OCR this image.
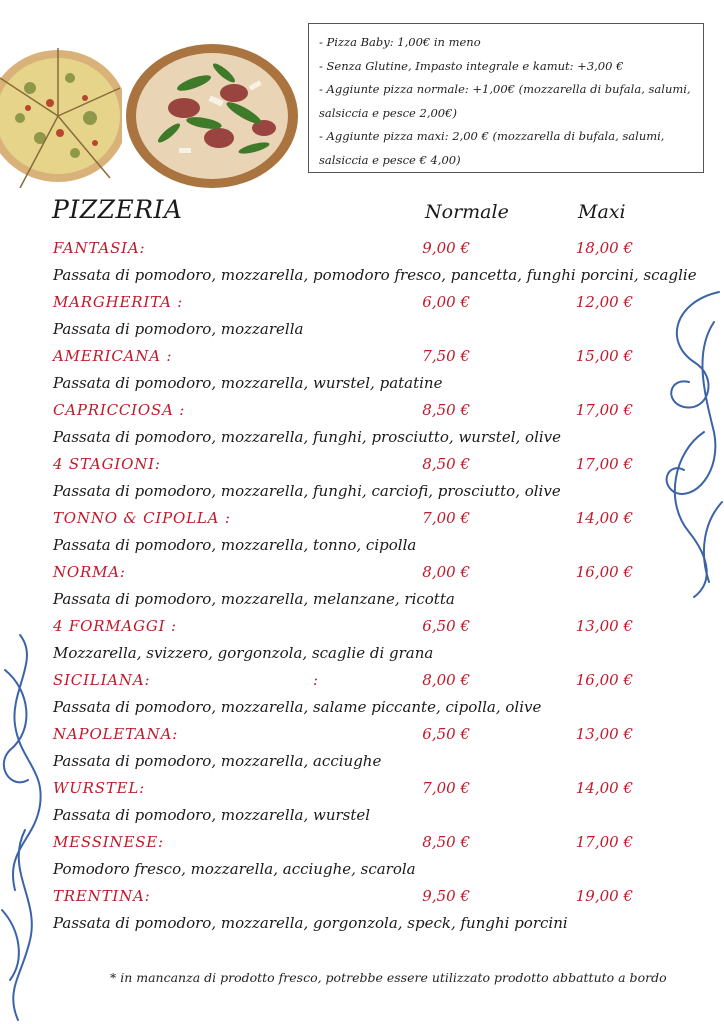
- Pizza Baby: 1,00€ in meno
- Senza Glutine, Impasto integrale e kamut: +3,00 €
- Aggiunte pizza normale: +1,00€ (mozzarella di bufala, salumi, salsiccia e pesce 2,00€)
- Aggiunte pizza maxi: 2,00 € (mozzarella di bufala, salumi, salsiccia e pesce € 4,00)
PIZZERIA	Normale	Maxi
FANTASIA:	9,00 €	18,00 €
Passata di pomodoro, mozzarella, pomodoro fresco, pancetta, funghi porcini, scaglie
MARGHERITA :	6,00 €	12,00 €
Passata di pomodoro, mozzarella
AMERICANA :	7,50 €	15,00 €
Passata di pomodoro, mozzarella, wurstel, patatine
CAPRICCIOSA :	8,50 €	17,00 €
Passata di pomodoro, mozzarella, funghi, prosciutto, wurstel, olive
4 STAGIONI:	8,50 €	17,00 €
Passata di pomodoro, mozzarella, funghi, carciofi, prosciutto, olive
TONNO & CIPOLLA :	7,00 €	14,00 €
Passata di pomodoro, mozzarella, tonno, cipolla
NORMA:	8,00 €	16,00 €
Passata di pomodoro, mozzarella, melanzane, ricotta
4 FORMAGGI :	6,50 €	13,00 €
Mozzarella, svizzero, gorgonzola, scaglie di grana
SICILIANA:	:	8,00 €	16,00 €
Passata di pomodoro, mozzarella, salame piccante, cipolla, olive
NAPOLETANA:	6,50 €	13,00 €
Passata di pomodoro, mozzarella, acciughe
WURSTEL:	7,00 €	14,00 €
Passata di pomodoro, mozzarella, wurstel
MESSINESE:	8,50 €	17,00 €
Pomodoro fresco, mozzarella, acciughe, scarola
TRENTINA:	9,50 €	19,00 €
Passata di pomodoro, mozzarella, gorgonzola, speck, funghi porcini
* in mancanza di prodotto fresco, potrebbe essere utilizzato prodotto abbattuto a bordo
